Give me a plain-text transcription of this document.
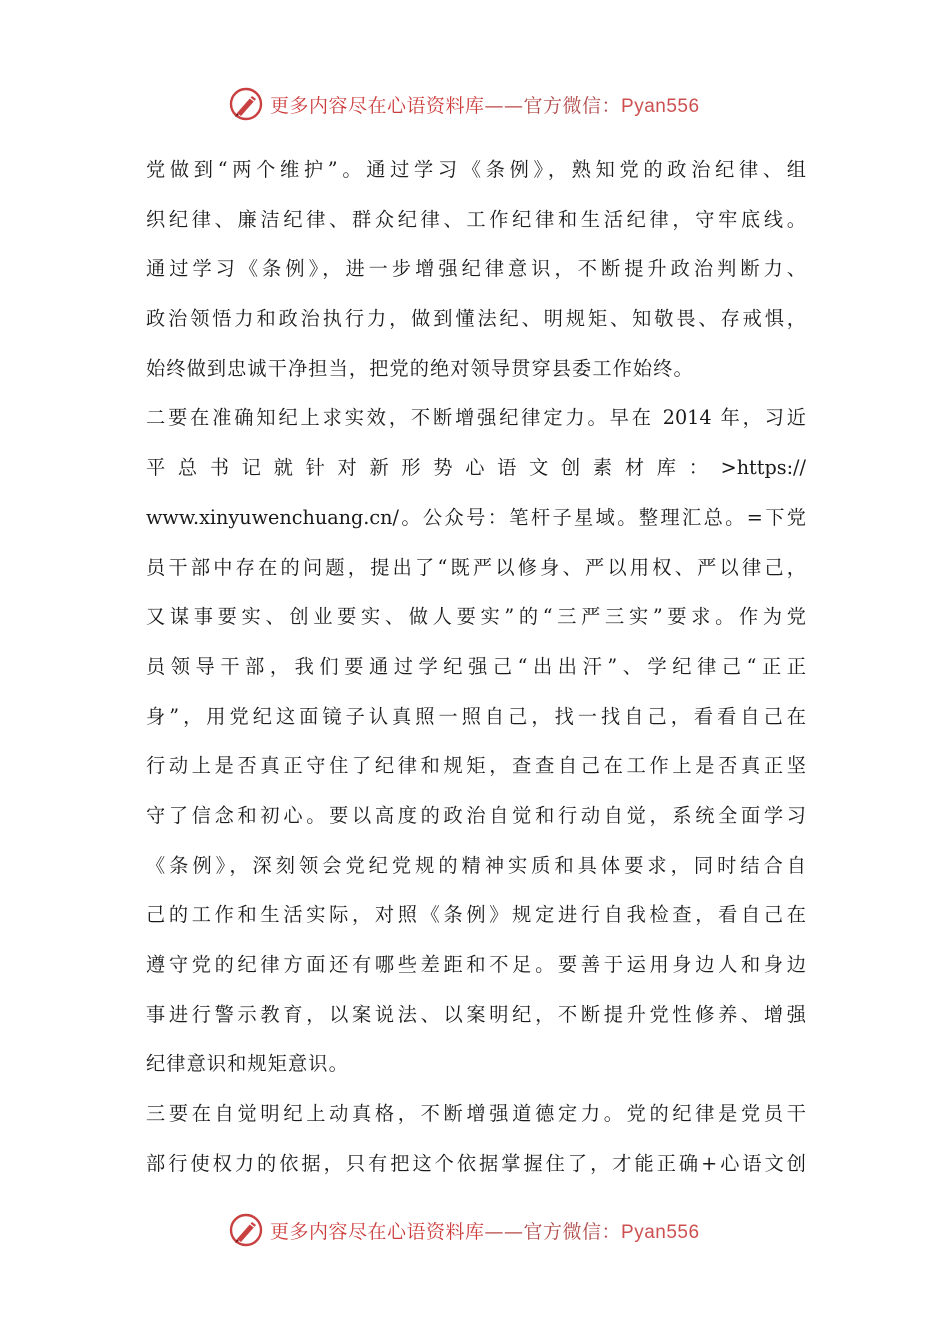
更多内容尽在心语资料库——官方微信：Pyan556
党做到“两个维护”。通过学习《条例》，熟知党的政治纪律、组
织纪律、廉洁纪律、群众纪律、工作纪律和生活纪律，守牢底线。
通过学习《条例》，进一步增强纪律意识，不断提升政治判断力、
政治领悟力和政治执行力，做到懂法纪、明规矩、知敬畏、存戒惧，
始终做到忠诚干净担当，把党的绝对领导贯穿县委工作始终。
二要在准确知纪上求实效，不断增强纪律定力。早在 2014 年，习近
平 总 书 记 就 针 对 新 形 势 心 语 文 创 素 材 库 ： >https://
www.xinyuwenchuang.cn/。公众号：笔杆子星域。整理汇总。=下党
员干部中存在的问题，提出了“既严以修身、严以用权、严以律己，
又谋事要实、创业要实、做人要实”的“三严三实”要求。作为党
员领导干部，我们要通过学纪强己“出出汗”、学纪律己“正正
身”，用党纪这面镜子认真照一照自己，找一找自己，看看自己在
行动上是否真正守住了纪律和规矩，查查自己在工作上是否真正坚
守了信念和初心。要以高度的政治自觉和行动自觉，系统全面学习
《条例》，深刻领会党纪党规的精神实质和具体要求，同时结合自
己的工作和生活实际，对照《条例》规定进行自我检查，看自己在
遵守党的纪律方面还有哪些差距和不足。要善于运用身边人和身边
事进行警示教育，以案说法、以案明纪，不断提升党性修养、增强
纪律意识和规矩意识。
三要在自觉明纪上动真格，不断增强道德定力。党的纪律是党员干
部行使权力的依据，只有把这个依据掌握住了，才能正确+心语文创
更多内容尽在心语资料库——官方微信：Pyan556
